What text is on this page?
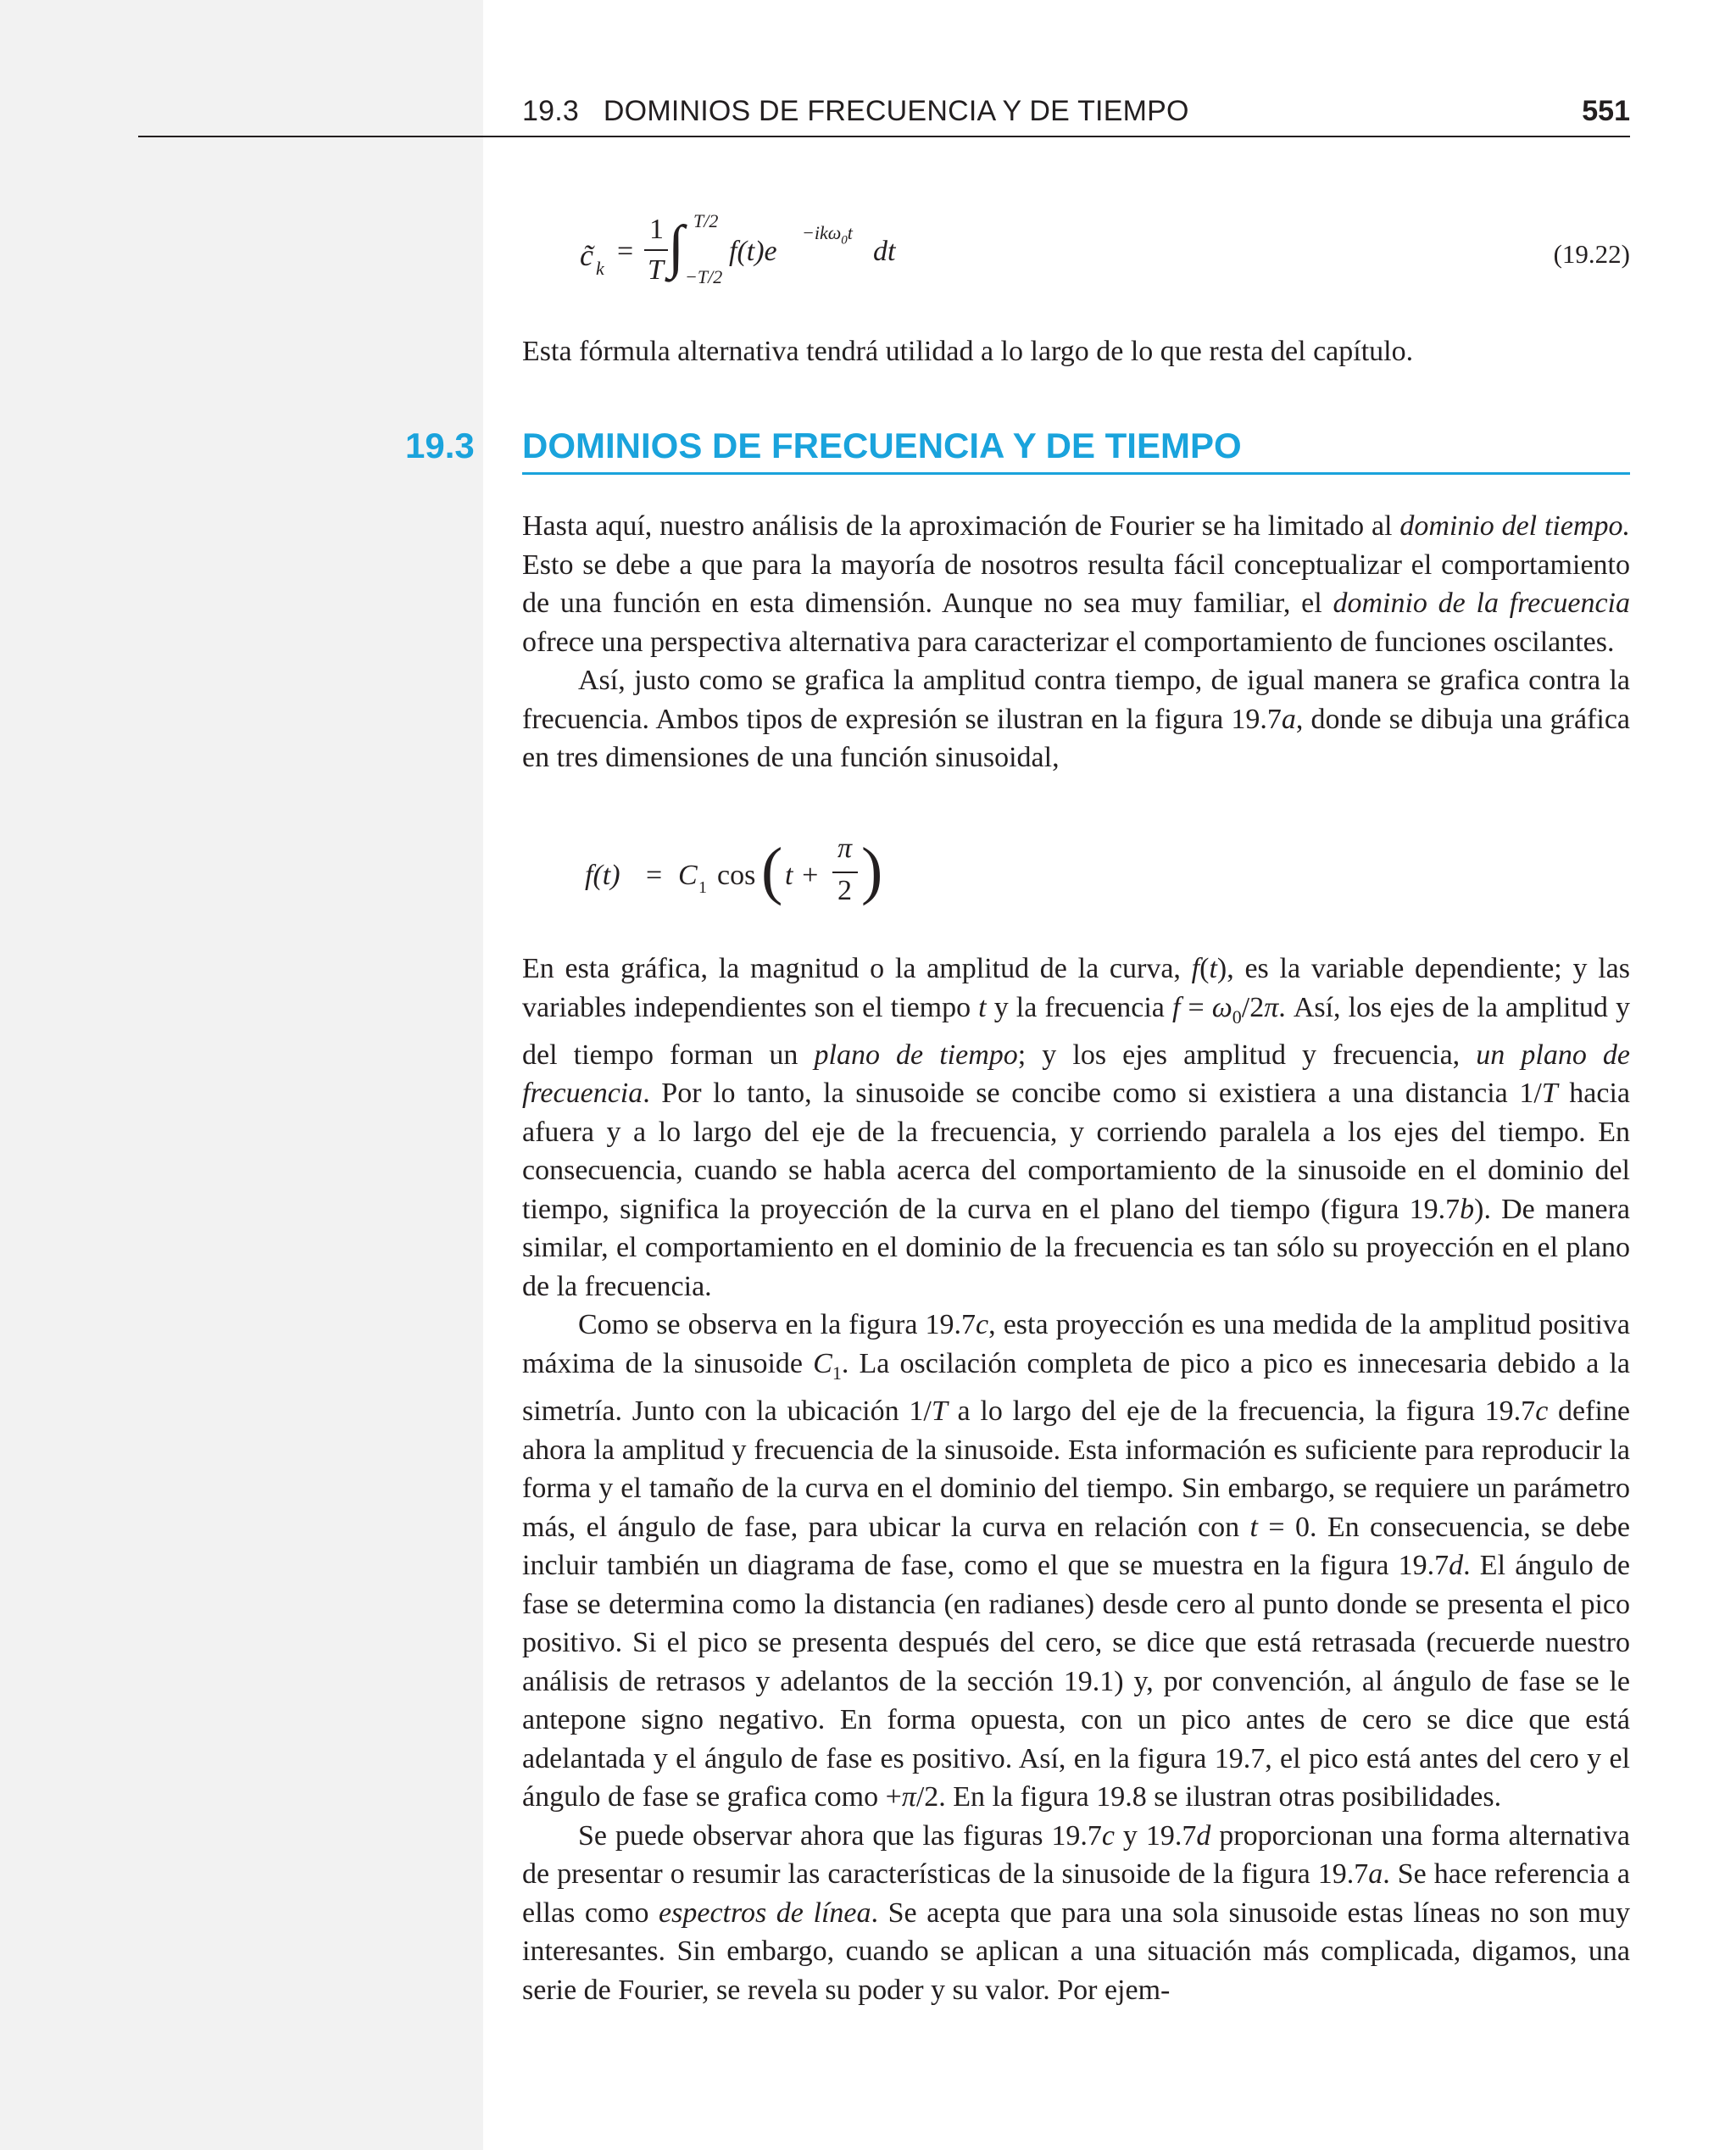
19.3   DOMINIOS DE FRECUENCIA Y DE TIEMPO	551
c̃ k
=
1
T ∫ T/2
−T/2
f(t)e
−ikω$_0$t
dt	(19.22)
Esta fórmula alternativa tendrá utilidad a lo largo de lo que resta del capítulo.
19.3 DOMINIOS DE FRECUENCIA Y DE TIEMPO

Hasta aquí, nuestro análisis de la aproximación de Fourier se ha limitado al dominio del tiempo. Esto se debe a que para la mayoría de nosotros resulta fácil conceptualizar el comportamiento de una función en esta dimensión. Aunque no sea muy familiar, el dominio de la frecuencia ofrece una perspectiva alternativa para caracterizar el comportamiento de funciones oscilantes.

Así, justo como se grafica la amplitud contra tiempo, de igual manera se grafica contra la frecuencia. Ambos tipos de expresión se ilustran en la figura 19.7a, donde se dibuja una gráfica en tres dimensiones de una función sinusoidal,

f(t) = C 1 cos ( t +
π
2 )

En esta gráfica, la magnitud o la amplitud de la curva, f(t), es la variable dependiente; y las variables independientes son el tiempo t y la frecuencia $f = \omega_0/2\pi$. Así, los ejes de la amplitud y del tiempo forman un plano de tiempo; y los ejes amplitud y frecuencia, un plano de frecuencia. Por lo tanto, la sinusoide se concibe como si existiera a una distancia 1/T hacia afuera y a lo largo del eje de la frecuencia, y corriendo paralela a los ejes del tiempo. En consecuencia, cuando se habla acerca del comportamiento de la sinusoide en el dominio del tiempo, significa la proyección de la curva en el plano del tiempo (figura 19.7b). De manera similar, el comportamiento en el dominio de la frecuencia es tan sólo su proyección en el plano de la frecuencia.

Como se observa en la figura 19.7c, esta proyección es una medida de la amplitud positiva máxima de la sinusoide $C_1$. La oscilación completa de pico a pico es innecesaria debido a la simetría. Junto con la ubicación 1/T a lo largo del eje de la frecuencia, la figura 19.7c define ahora la amplitud y frecuencia de la sinusoide. Esta información es suficiente para reproducir la forma y el tamaño de la curva en el dominio del tiempo. Sin embargo, se requiere un parámetro más, el ángulo de fase, para ubicar la curva en relación con t = 0. En consecuencia, se debe incluir también un diagrama de fase, como el que se muestra en la figura 19.7d. El ángulo de fase se determina como la distancia (en radianes) desde cero al punto donde se presenta el pico positivo. Si el pico se presenta después del cero, se dice que está retrasada (recuerde nuestro análisis de retrasos y adelantos de la sección 19.1) y, por convención, al ángulo de fase se le antepone signo negativo. En forma opuesta, con un pico antes de cero se dice que está adelantada y el ángulo de fase es positivo. Así, en la figura 19.7, el pico está antes del cero y el ángulo de fase se grafica como +π/2. En la figura 19.8 se ilustran otras posibilidades.

Se puede observar ahora que las figuras 19.7c y 19.7d proporcionan una forma alternativa de presentar o resumir las características de la sinusoide de la figura 19.7a. Se hace referencia a ellas como espectros de línea. Se acepta que para una sola sinusoide estas líneas no son muy interesantes. Sin embargo, cuando se aplican a una situación más complicada, digamos, una serie de Fourier, se revela su poder y su valor. Por ejem-
